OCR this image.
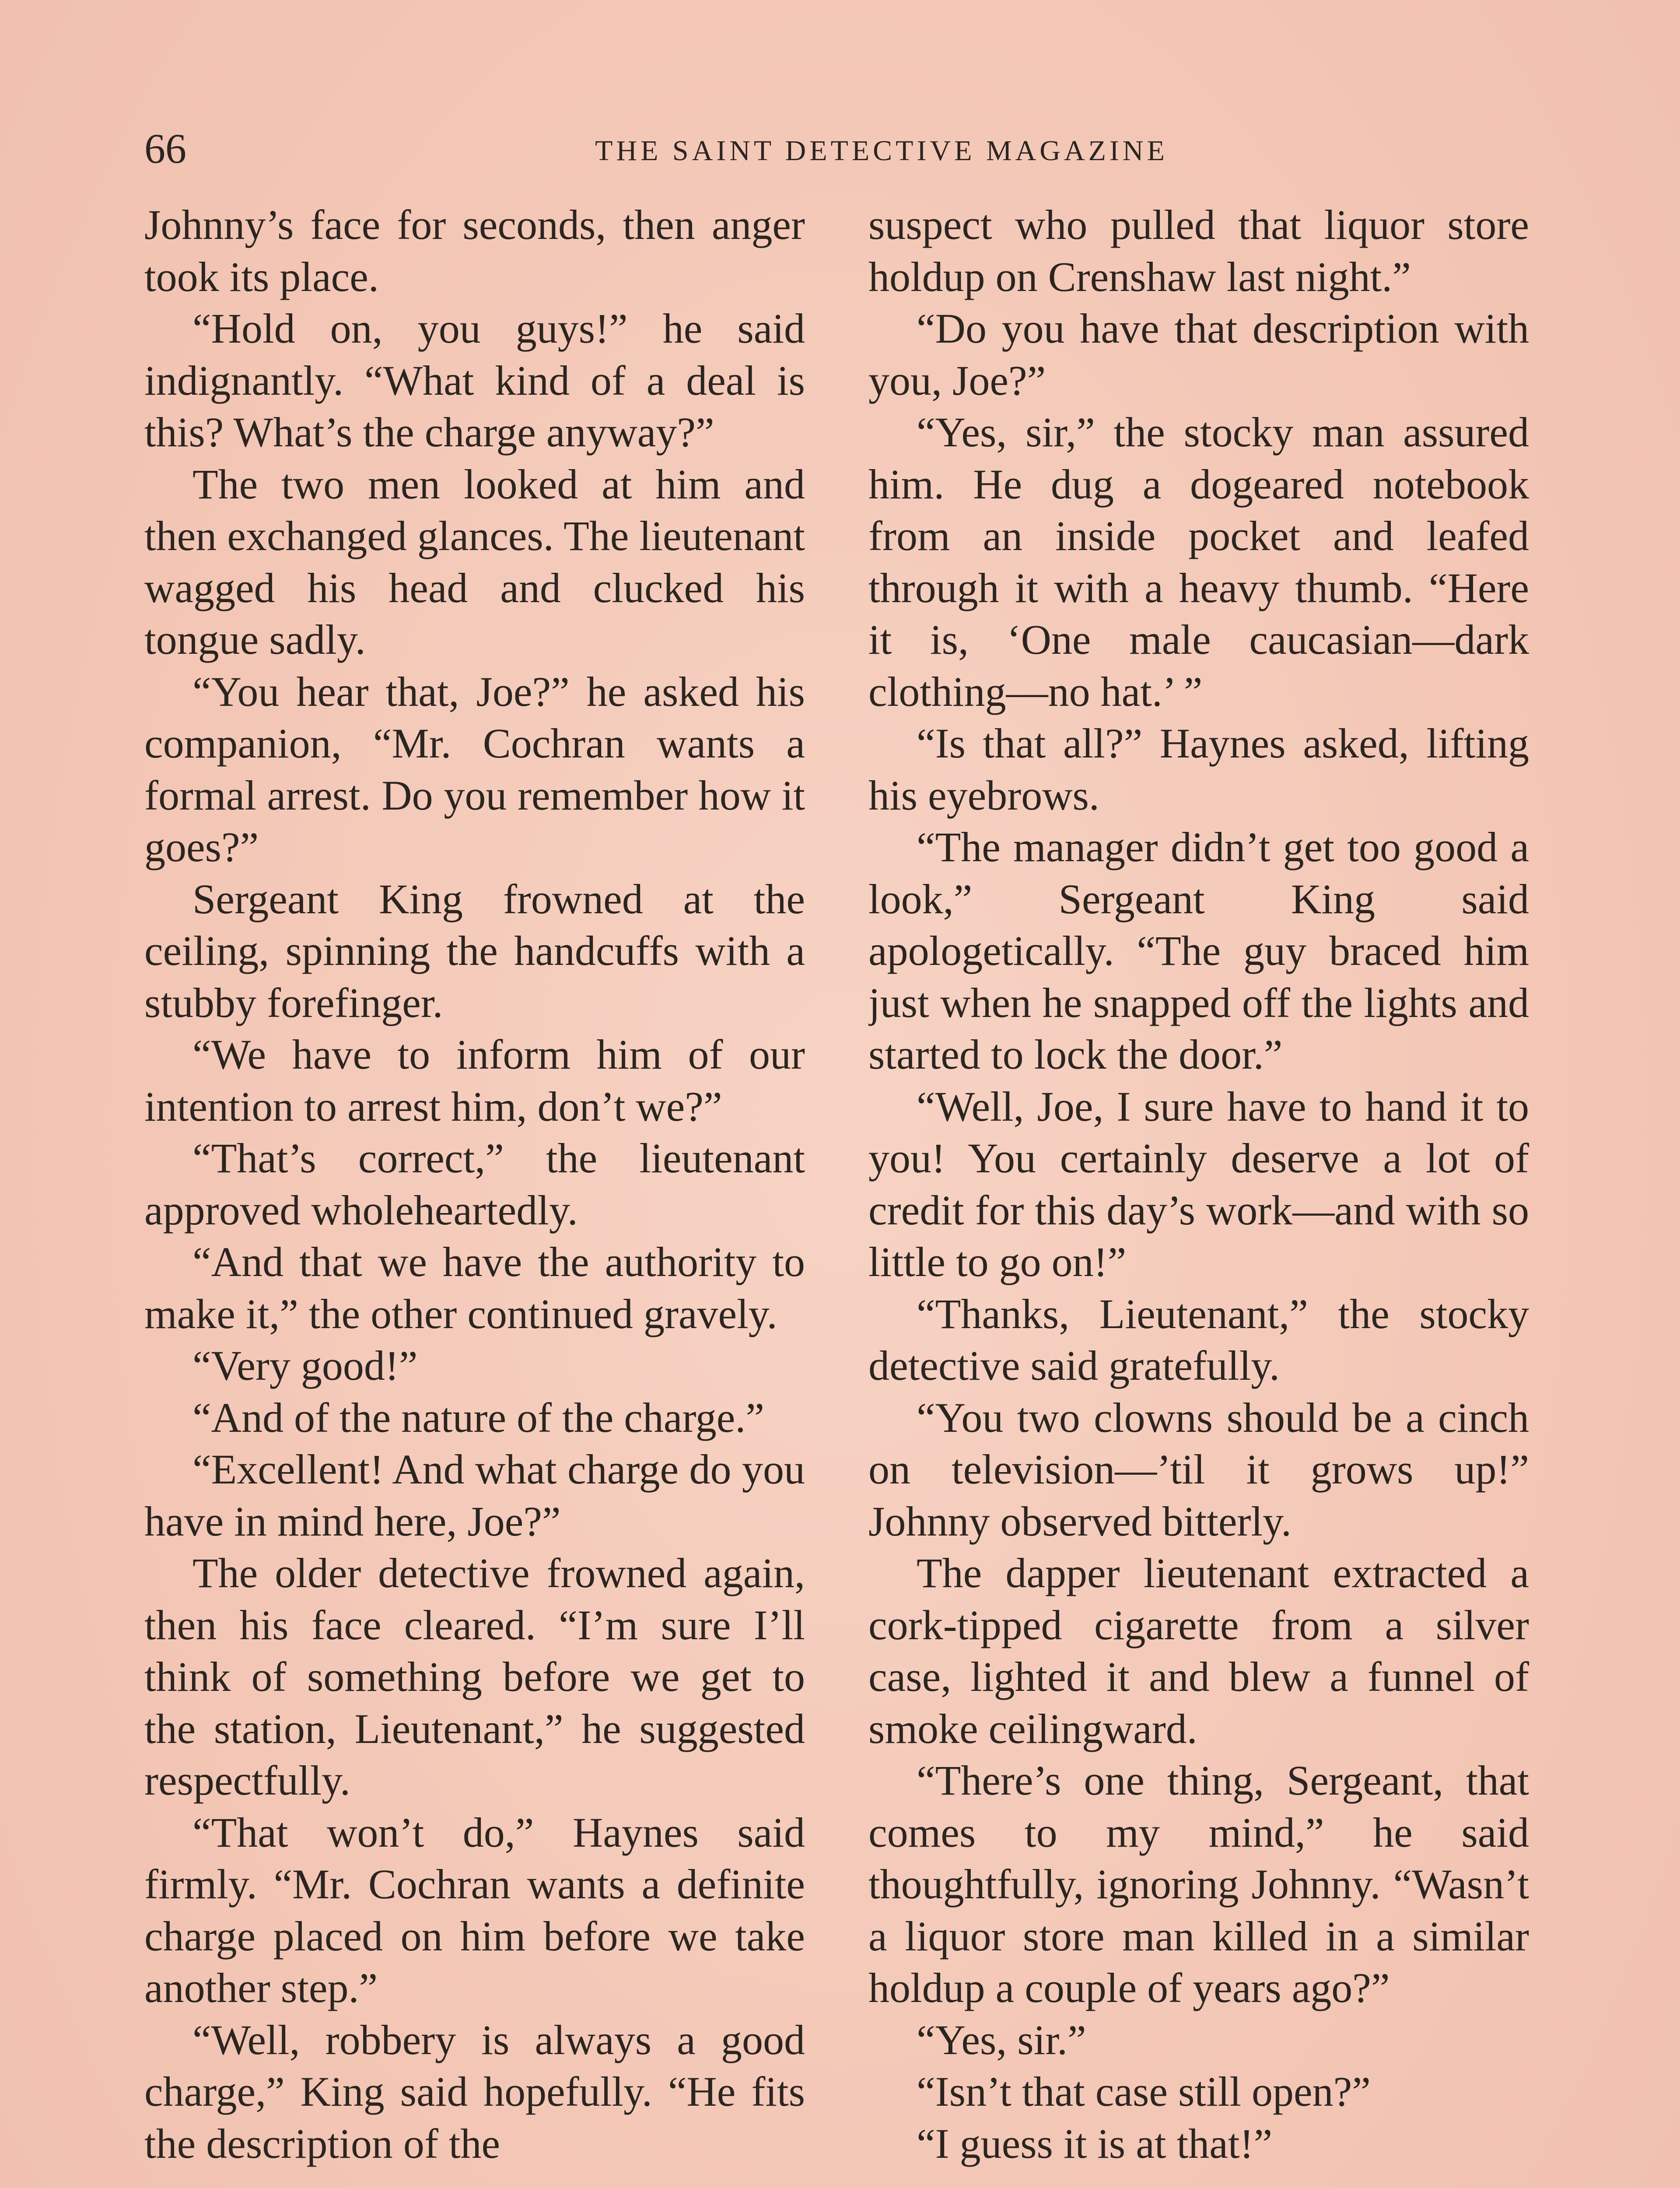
66	THE SAINT DETECTIVE MAGAZINE

Johnny’s face for seconds, then anger took its place.

“Hold on, you guys!” he said indignantly. “What kind of a deal is this? What’s the charge anyway?”

The two men looked at him and then exchanged glances. The lieutenant wagged his head and clucked his tongue sadly.

“You hear that, Joe?” he asked his companion, “Mr. Cochran wants a formal arrest. Do you remember how it goes?”

Sergeant King frowned at the ceiling, spinning the handcuffs with a stubby forefinger.

“We have to inform him of our intention to arrest him, don’t we?”

“That’s correct,” the lieutenant approved wholeheartedly.

“And that we have the authority to make it,” the other continued gravely.

“Very good!”

“And of the nature of the charge.”

“Excellent! And what charge do you have in mind here, Joe?”

The older detective frowned again, then his face cleared. “I’m sure I’ll think of something before we get to the station, Lieutenant,” he suggested respectfully.

“That won’t do,” Haynes said firmly. “Mr. Cochran wants a definite charge placed on him before we take another step.”

“Well, robbery is always a good charge,” King said hopefully. “He fits the description of the

suspect who pulled that liquor store holdup on Crenshaw last night.”

“Do you have that description with you, Joe?”

“Yes, sir,” the stocky man assured him. He dug a dogeared notebook from an inside pocket and leafed through it with a heavy thumb. “Here it is, ‘One male caucasian—dark clothing—no hat.’ ”

“Is that all?” Haynes asked, lifting his eyebrows.

“The manager didn’t get too good a look,” Sergeant King said apologetically. “The guy braced him just when he snapped off the lights and started to lock the door.”

“Well, Joe, I sure have to hand it to you! You certainly deserve a lot of credit for this day’s work—and with so little to go on!”

“Thanks, Lieutenant,” the stocky detective said gratefully.

“You two clowns should be a cinch on television—’til it grows up!” Johnny observed bitterly.

The dapper lieutenant extracted a cork-tipped cigarette from a silver case, lighted it and blew a funnel of smoke ceilingward.

“There’s one thing, Sergeant, that comes to my mind,” he said thoughtfully, ignoring Johnny. “Wasn’t a liquor store man killed in a similar holdup a couple of years ago?”

“Yes, sir.”

“Isn’t that case still open?”

“I guess it is at that!”
